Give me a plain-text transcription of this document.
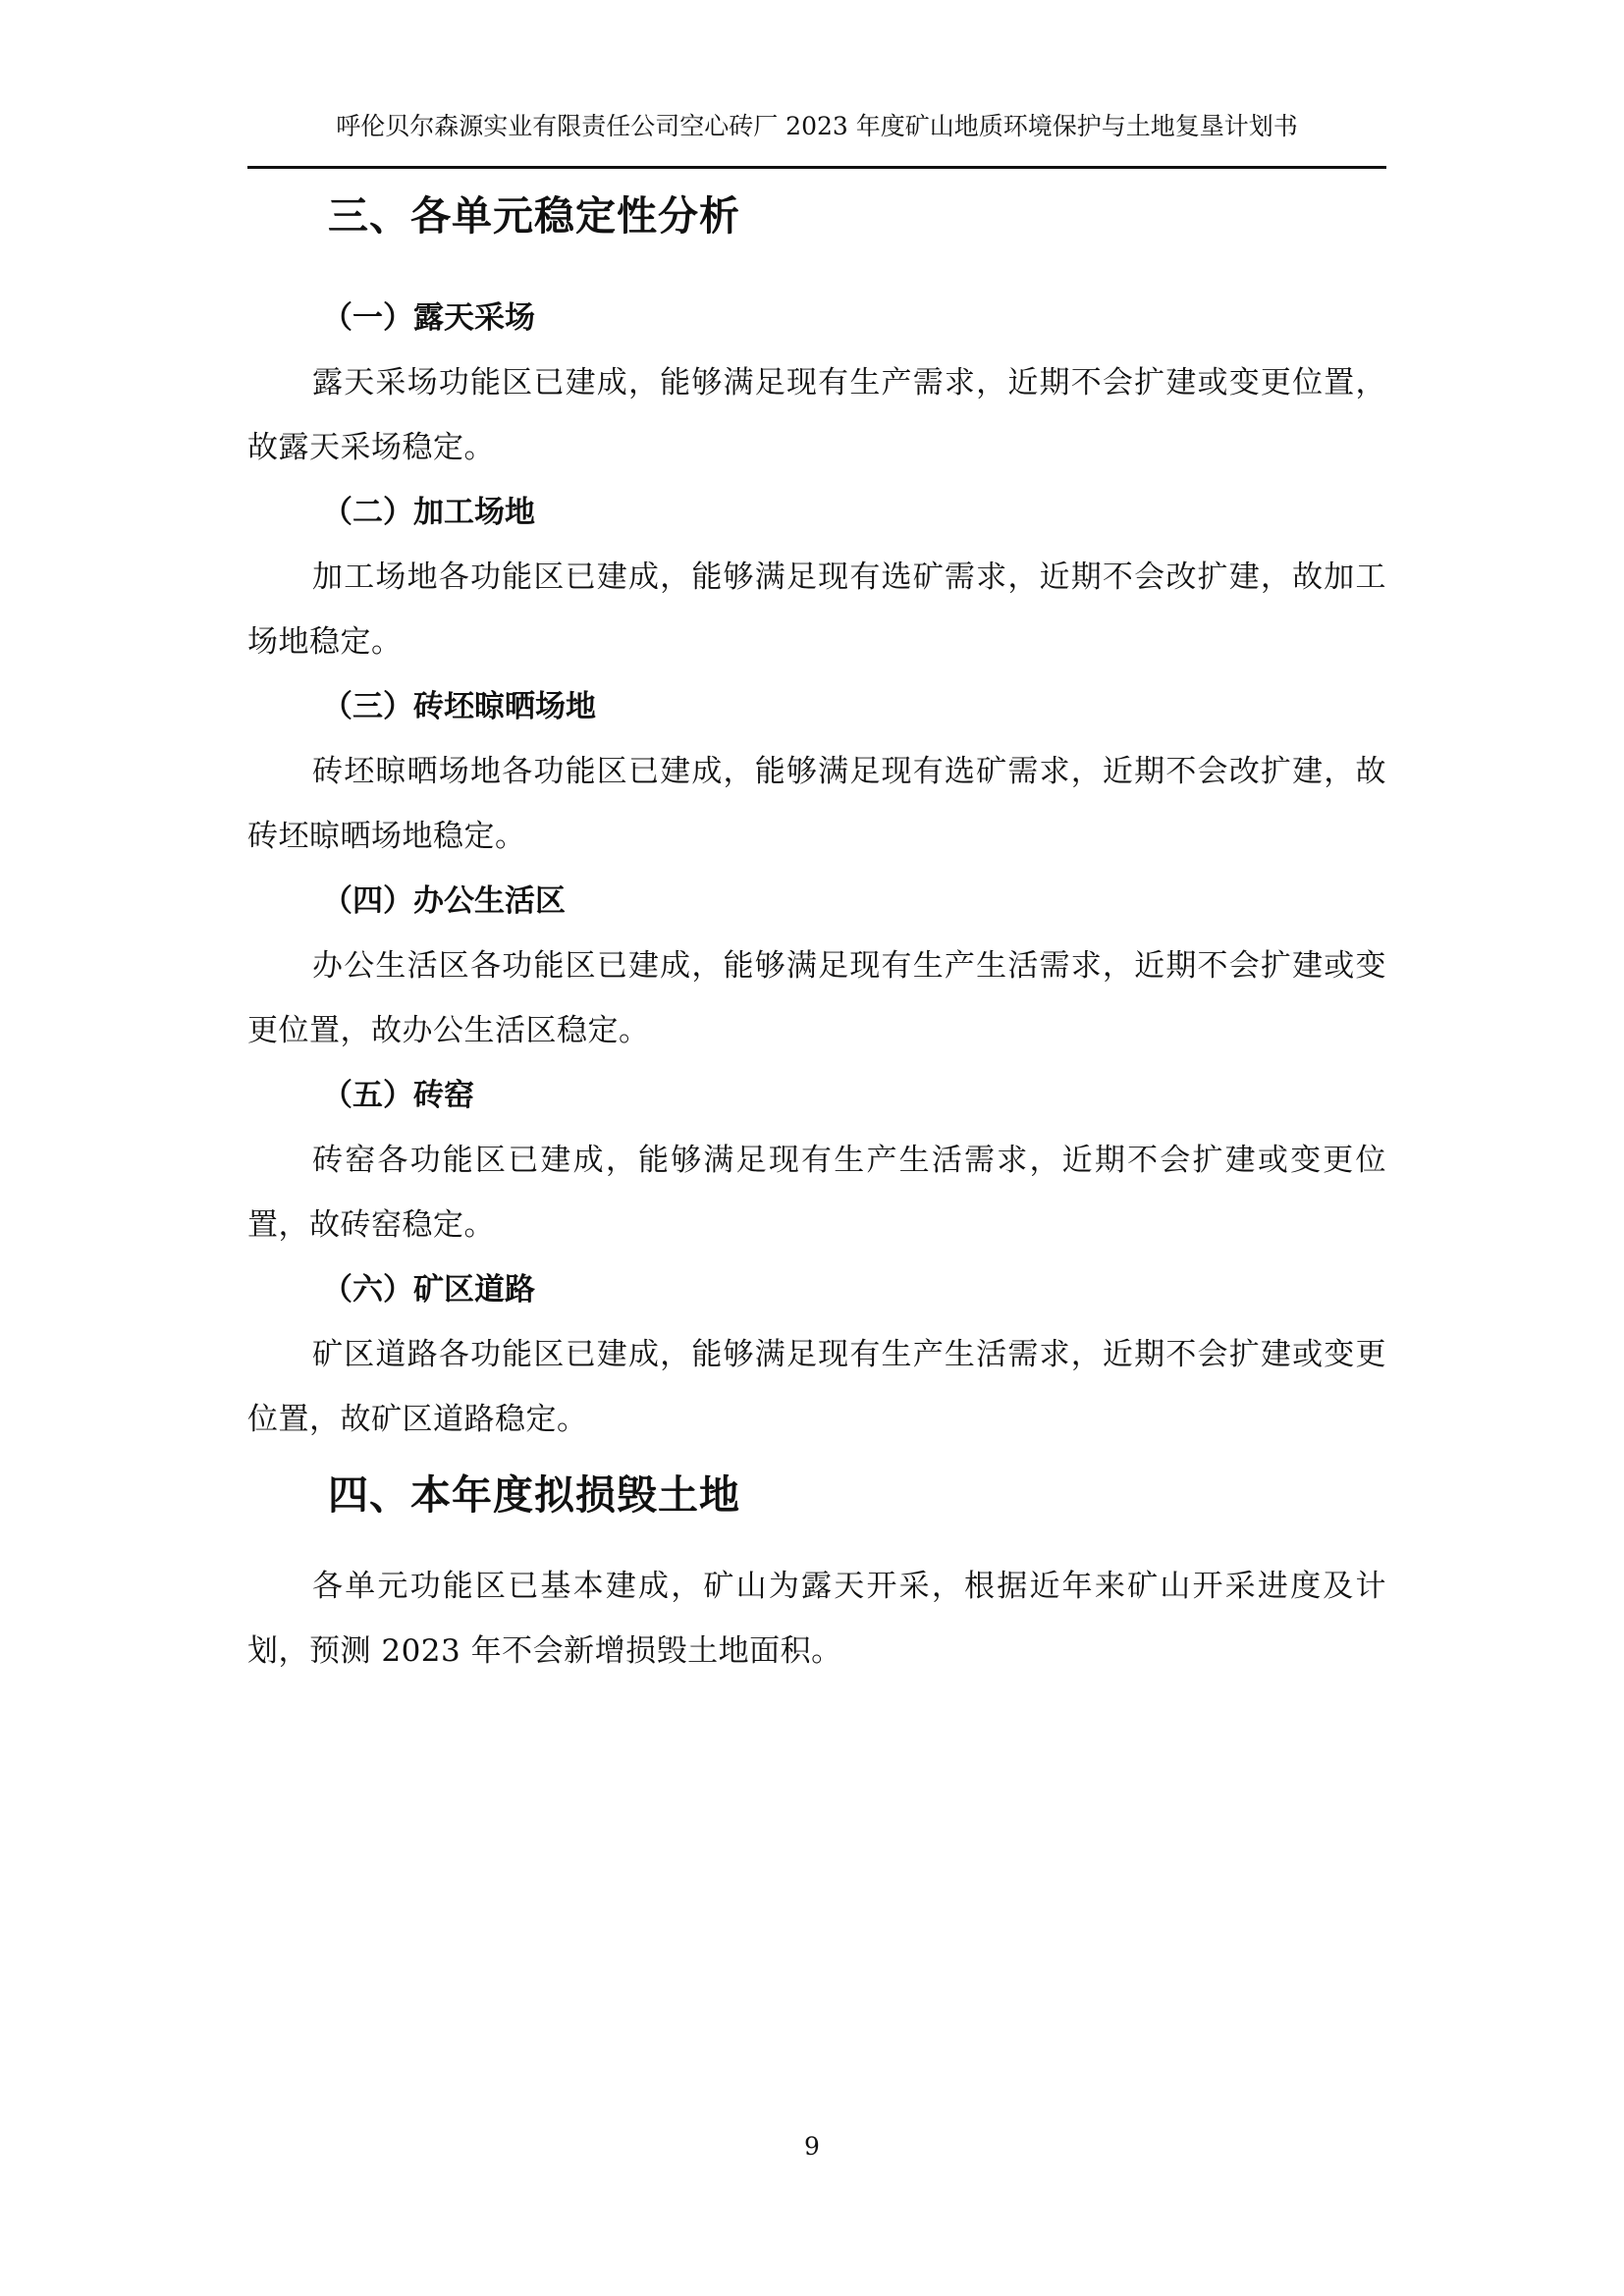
呼伦贝尔森源实业有限责任公司空心砖厂 2023 年度矿山地质环境保护与土地复垦计划书
三、各单元稳定性分析
（一）露天采场

露天采场功能区已建成，能够满足现有生产需求，近期不会扩建或变更位置，故露天采场稳定。

（二）加工场地

加工场地各功能区已建成，能够满足现有选矿需求，近期不会改扩建，故加工场地稳定。

（三）砖坯晾晒场地

砖坯晾晒场地各功能区已建成，能够满足现有选矿需求，近期不会改扩建，故砖坯晾晒场地稳定。

（四）办公生活区

办公生活区各功能区已建成，能够满足现有生产生活需求，近期不会扩建或变更位置，故办公生活区稳定。

（五）砖窑

砖窑各功能区已建成，能够满足现有生产生活需求，近期不会扩建或变更位置，故砖窑稳定。

（六）矿区道路

矿区道路各功能区已建成，能够满足现有生产生活需求，近期不会扩建或变更位置，故矿区道路稳定。

四、本年度拟损毁土地

各单元功能区已基本建成，矿山为露天开采，根据近年来矿山开采进度及计划，预测 2023 年不会新增损毁土地面积。

9
